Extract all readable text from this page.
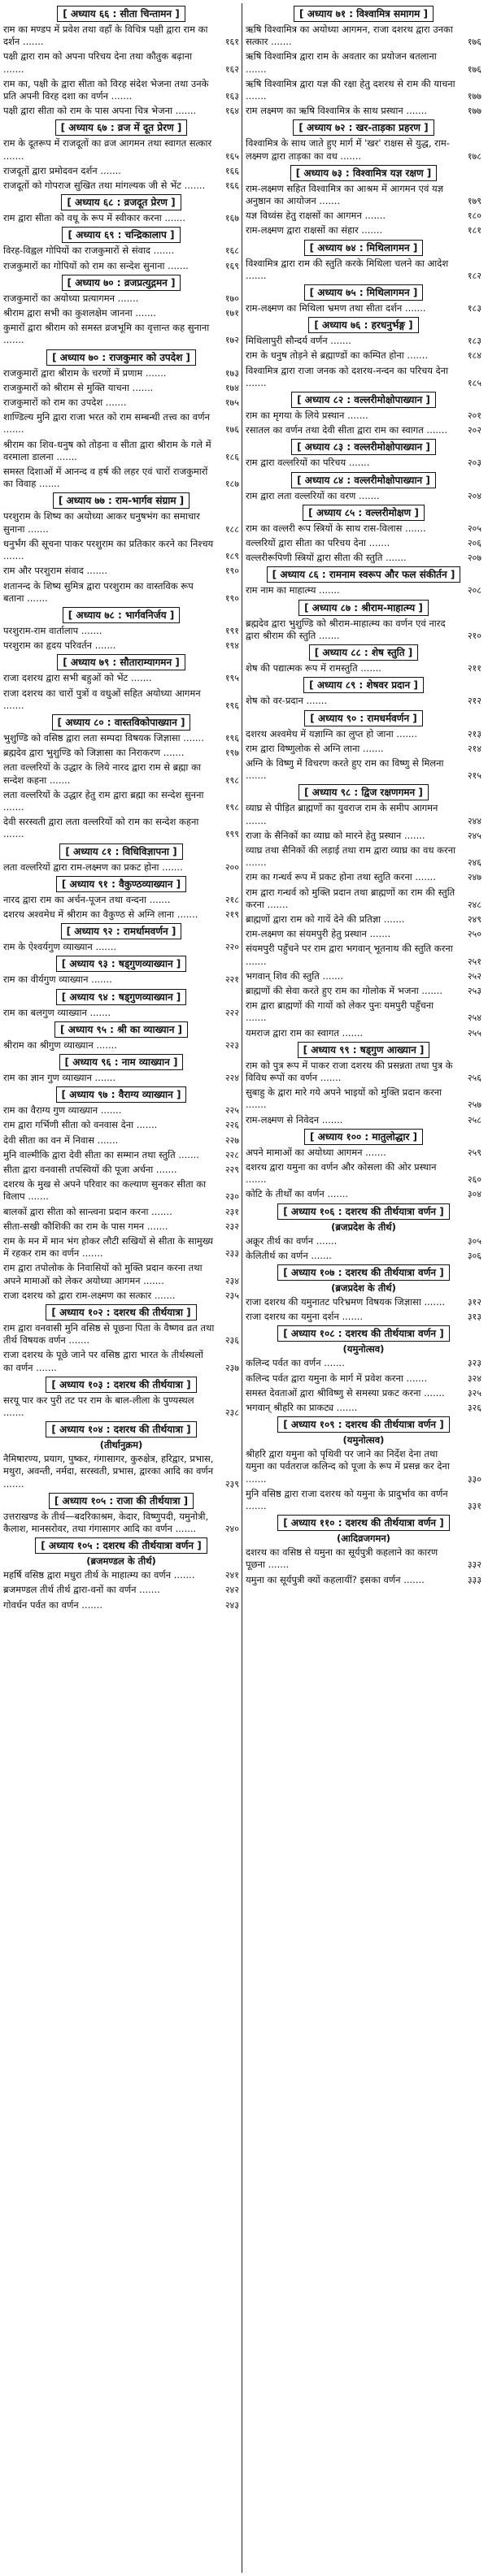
[ अध्याय ६६ : सीता चिन्तामन ]
राम का मण्डप में प्रवेश तथा वहाँ के विचित्र पक्षी द्वारा राम का दर्शन .......	१६१
पक्षी द्वारा राम को अपना परिचय देना तथा कौतुक बढ़ाना .......	१६२
राम का, पक्षी के द्वारा सीता को विरह संदेश भेजना तथा उनके प्रति अपनी विरह दशा का वर्णन .......	१६३
पक्षी द्वारा सीता को राम के पास अपना चित्र भेजना .......	१६४
[ अध्याय ६७ : व्रज में दूत प्रेरण ]
राम के दूतरूप में राजदूतों का व्रज आगमन तथा स्वागत सत्कार .......	१६५
राजदूतों द्वारा प्रमोदवन दर्शन .......	१६६
राजदूतों को गोपराज सुखित तथा मांगल्यक जी से भेंट ....... १६६
[ अध्याय ६८ : व्रजदूत प्रेरण ]
राम द्वारा सीता को वधू के रूप में स्वीकार करना .......	१६७
[ अध्याय ६९ : चन्द्रिकालाप ]
विरह-विह्वल गोपियों का राजकुमारों से संवाद .......	१६८
राजकुमारों का गोपियों को राम का सन्देश सुनाना .......	१६९
[ अध्याय ७० : व्रजप्रत्युद्गमन ]
राजकुमारों का अयोध्या प्रत्यागमन .......	१७०
श्रीराम द्वारा सभी का कुशलक्षेम जानना .......	१७१
कुमारों द्वारा श्रीराम को समस्त व्रजभूमि का वृत्तान्त कह सुनाना .......	१७२
[ अध्याय ७० : राजकुमार को उपदेश ]
राजकुमारों द्वारा श्रीराम के चरणों में प्रणाम .......	१७३
राजकुमारों को श्रीराम से मुक्ति याचना .......	१७४
राजकुमारों को राम का उपदेश .......	१७५
शाण्डिल्य मुनि द्वारा राजा भरत को राम सम्बन्धी तत्त्व का वर्णन .......	१७६
श्रीराम का शिव-धनुष को तोड़ना व सीता द्वारा श्रीराम के गले में वरमाला डालना .......	१८६
समस्त दिशाओं में आनन्द व हर्ष की लहर एवं चारों राजकुमारों का विवाह .......	१८७
[ अध्याय ७७ : राम-भार्गव संग्राम ]
परशुराम के शिष्य का अयोध्या आकर धनुषभंग का समाचार सुनाना .......	१८८
धनुर्भंग की सूचना पाकर परशुराम का प्रतिकार करने का निश्चय .......	१८९
राम और परशुराम संवाद .......	१९०
शतानन्द के शिष्य सुमित्र द्वारा परशुराम का वास्तविक रूप बताना .......	१९०
[ अध्याय ७८ : भार्गवनिर्जय ]
परशुराम-राम वार्तालाप .......	१९१
परशुराम का हृदय परिवर्तन .......	१९४
[ अध्याय ७९ : सौताराम्यागमन ]
राजा दशरथ द्वारा सभी बहुओं को भेंट .......	१९५
राजा दशरथ का चारों पुत्रों व वधुओं सहित अयोध्या आगमन .......	१९६
[ अध्याय ८० : वास्तविकोपाख्यान ]
भुशुण्डि को वसिष्ठ द्वारा लता सम्पदा विषयक जिज्ञासा ....... १९६
ब्रह्मदेव द्वारा भुशुण्डि को जिज्ञासा का निराकरण .......	१९७
लता वल्लरियों के उद्धार के लिये नारद द्वारा राम से ब्रह्मा का सन्देश कहना .......	१९८
लता वल्लरियों के उद्धार हेतु राम द्वारा ब्रह्मा का सन्देश सुनना .......	१९८
देवी सरस्वती द्वारा लता वल्लरियों को राम का सन्देश कहना .......	१९९
[ अध्याय ८१ : विधिविज्ञापना ]
लता वल्लरियों द्वारा राम-लक्ष्मण का प्रकट होना .......	२००
[ अध्याय ९१ : वैकुण्ठव्याख्यान ]
नारद द्वारा राम का अर्चन-पूजन तथा वन्दना .......	२१८
दशरथ अश्वमेध में श्रीराम का वैकुण्ठ से अग्नि लाना .......	२१९
[ अध्याय ९२ : रामर्धामवर्णन ]
राम के ऐश्वर्यगुण व्याख्यान .......	२२०
[ अध्याय ९३ : षड्गुणव्याख्यान ]
राम का वीर्यगुण व्याख्यान .......	२२१
[ अध्याय ९४ : षड्गुणव्याख्यान ]
राम का बलगुण व्याख्यान .......	२२२
[ अध्याय ९५ : श्री का व्याख्यान ]
श्रीराम का श्रीगुण व्याख्यान .......	२२३
[ अध्याय ९६ : नाम व्याख्यान ]
राम का ज्ञान गुण व्याख्यान .......	२२४
[ अध्याय ९७ : वैराग्य व्याख्यान ]
राम का वैराग्य गुण व्याख्यान .......	२२५
राम द्वारा गर्भिणी सीता को वनवास देना .......	२२६
देवी सीता का वन में निवास .......	२२७
मुनि वाल्मीकि द्वारा देवी सीता का सम्मान तथा स्तुति .......	२२८
सीता द्वारा वनवासी तपस्वियों की पूजा अर्चना .......	२२९
दशरथ के मुख से अपने परिवार का कल्याण सुनकर सीता का विलाप .......	२३०
बालकों द्वारा सीता को सान्त्वना प्रदान करना .......	२३१
सीता-सखी कौशिकी का राम के पास गमन .......	२३२
राम के मन में मान भंग होकर लौटी सखियों से सीता के सामुख्य में रहकर राम का वर्णन .......	२३३
राम द्वारा तपोलोक के निवासियों को मुक्ति प्रदान करना तथा अपने मामाओं को लेकर अयोध्या आगमन .......	२३४
राजा दशरथ को द्वारा राम-लक्ष्मण का सत्कार .......	२३५
[ अध्याय १०२ : दशरथ की तीर्थयात्रा ]
राम द्वारा वनवासी मुनि वसिष्ठ से पूछना पिता के वैष्णव व्रत तथा तीर्थ विषयक वर्णन .......	२३६
राजा दशरथ के पूछे जाने पर वसिष्ठ द्वारा भारत के तीर्थस्थलों का वर्णन .......	२३७
[ अध्याय १०३ : दशरथ की तीर्थयात्रा ]
सरयू पार कर पुरी तट पर राम के बाल-लीला के पुण्यस्थल .......	२३८
[ अध्याय १०४ : दशरथ की तीर्थयात्रा ]
(तीर्थानुक्रम)
नैमिषारण्य, प्रयाग, पुष्कर, गंगासागर, कुरुक्षेत्र, हरिद्वार, प्रभास, मथुरा, अवन्ती, नर्मदा, सरस्वती, प्रभास, द्वारका आदि का वर्णन .......	२३९
[ अध्याय १०५ : राजा की तीर्थयात्रा ]
उत्तराखण्ड के तीर्थ—बदरिकाश्रम, केदार, विष्णुपदी, यमुनोत्री, कैलाश, मानसरोवर, तथा गंगासागर आदि का वर्णन .......	२४०
[ अध्याय १०५ : दशरथ की तीर्थयात्रा वर्णन ]
(ब्रजमण्डल के तीर्थ)
महर्षि वसिष्ठ द्वारा मधुरा तीर्थ के माहात्म्य का वर्णन .......	२४१
ब्रजमण्डल तीर्थ तीर्थ द्वारा-वनों का वर्णन .......	२४२
गोवर्धन पर्वत का वर्णन .......	२४३
[ अध्याय ७१ : विश्वामित्र समागम ]
ऋषि विश्वामित्र का अयोध्या आगमन, राजा दशरथ द्वारा उनका सत्कार .......	१७६
ऋषि विश्वामित्र द्वारा राम के अवतार का प्रयोजन बतलाना .......	१७६
ऋषि विश्वामित्र द्वारा यज्ञ की रक्षा हेतु दशरथ से राम की याचना .......	१७७
राम लक्ष्मण का ऋषि विश्वामित्र के साथ प्रस्थान .......	१७७
[ अध्याय ७२ : खर-ताड़का प्रहरण ]
विश्वामित्र के साथ जाते हुए मार्ग में 'खर' राक्षस से युद्ध, राम-लक्ष्मण द्वारा ताड़का का वध .......	१७८
[ अध्याय ७३ : विश्वामित्र यज्ञ रक्षण ]
राम-लक्ष्मण सहित विश्वामित्र का आश्रम में आगमन एवं यज्ञ अनुष्ठान का आयोजन .......	१७९
यज्ञ विध्वंस हेतु राक्षसों का आगमन .......	१८०
राम-लक्ष्मण द्वारा राक्षसों का संहार .......	१८१
[ अध्याय ७४ : मिथिलागमन ]
विश्वामित्र द्वारा राम की स्तुति करके मिथिला चलने का आदेश .......	१८२
[ अध्याय ७५ : मिथिलागमन ]
राम-लक्ष्मण का मिथिला भ्रमण तथा सीता दर्शन .......	१८३
[ अध्याय ७६ : हरधनुर्भङ्ग ]
मिथिलापुरी सौन्दर्य वर्णन .......	१८३
राम के धनुष तोड़ने से ब्रह्माण्डों का कम्पित होना .......	१८४
विश्वामित्र द्वारा राजा जनक को दशरथ-नन्दन का परिचय देना .......	१८५
[ अध्याय ८२ : वल्लरीमोक्षोपाख्यान ]
राम का मृगया के लिये प्रस्थान .......	२०१
रसातल का वर्णन तथा देवी सीता द्वारा राम का स्वागत ....... २०२
[ अध्याय ८३ : वल्लरीमोक्षोपाख्यान ]
राम द्वारा वल्लरियों का परिचय .......	२०३
[ अध्याय ८४ : वल्लरीमोक्षोपाख्यान ]
राम द्वारा लता वल्लरियों का वरण .......	२०४
[ अध्याय ८५ : वल्लरीमोक्षण ]
राम का वल्लरी रूप स्त्रियों के साथ रास-विलास .......	२०५
वल्लरियों द्वारा सीता का परिचय देना .......	२०६
वल्लरीरूपिणी स्त्रियों द्वारा सीता की स्तुति .......	२०७
[ अध्याय ८६ : रामनाम स्वरूप और फल संकीर्तन ]
राम नाम का माहात्म्य .......	२०८
[ अध्याय ८७ : श्रीराम-माहात्म्य ]
ब्रह्मदेव द्वारा भुशुण्डि को श्रीराम-माहात्म्य का वर्णन एवं नारद द्वारा श्रीराम की स्तुति .......	२१०
[ अध्याय ८८ : शेष स्तुति ]
शेष की पद्यात्मक रूप में रामस्तुति .......	२११
[ अध्याय ८९ : शेषवर प्रदान ]
शेष को वर-प्रदान .......	२१२
[ अध्याय ९० : रामधर्मवर्णन ]
दशरथ अश्वमेध में यज्ञाग्नि का लुप्त हो जाना .......	२१३
राम द्वारा विष्णुलोक से अग्नि लाना .......	२१४
अग्नि के विष्णु में विचरण करते हुए राम का विष्णु से मिलना .......	२१५
[ अध्याय ९८ : द्विज रक्षणगमन ]
व्याघ्र से पीड़ित ब्राह्मणों का युवराज राम के समीप आगमन .......	२४४
राजा के सैनिकों का व्याघ्र को मारने हेतु प्रस्थान .......	२४५
व्याघ्र तथा सैनिकों की लड़ाई तथा राम द्वारा व्याघ्र का वध करना .......	२४६
राम का गन्धर्व रूप में प्रकट होना तथा स्तुति करना .......	२४७
राम द्वारा गन्धर्व को मुक्ति प्रदान तथा ब्राह्मणों का राम की स्तुति करना .......	२४८
ब्राह्मणों द्वारा राम को गायें देने की प्रतिज्ञा .......	२४९
राम-लक्ष्मण का संयमपुरी हेतु प्रस्थान .......	२५०
संयमपुरी पहुँचने पर राम द्वारा भगवान् भूतनाथ की स्तुति करना .......	२५१
भगवान् शिव की स्तुति .......	२५२
ब्राह्मणों की सेवा करते हुए राम का गोलोक में भजना .......	२५३
राम द्वारा ब्राह्मणों की गायों को लेकर पुनः यमपुरी पहुँचना .......	२५४
यमराज द्वारा राम का स्वागत .......	२५५
[ अध्याय ९९ : षड्गुण आख्यान ]
राम को पुत्र रूप में पाकर राजा दशरथ की प्रसन्नता तथा पुत्र के विविध रूपों का वर्णन .......	२५६
सुबाहु के द्वारा मारे गये अपने भाइयों को मुक्ति प्रदान करना .......	२५७
राम-लक्ष्मण से निवेदन .......	२५८
[ अध्याय १०० : मातुलोद्धार ]
अपने मामाओं का अयोध्या आगमन .......	२५९
दशरथ द्वारा यमुना का वर्णन और कोसला की ओर प्रस्थान .......	२६०
कोटि के तीर्थों का वर्णन .......	३०४
[ अध्याय १०६ : दशरथ की तीर्थयात्रा वर्णन ]
(ब्रजप्रदेश के तीर्थ)
अक्रूर तीर्थ का वर्णन .......	३०५
केलितीर्थ का वर्णन .......	३०६
[ अध्याय १०७ : दशरथ की तीर्थयात्रा वर्णन ]
(ब्रजप्रदेश के तीर्थ)
राजा दशरथ की यमुनातट परिभ्रमण विषयक जिज्ञासा .......	३१२
राजा दशरथ का यमुना दर्शन .......	३१३
[ अध्याय १०८ : दशरथ की तीर्थयात्रा वर्णन ]
(यमुनोत्सव)
कलिन्द पर्वत का वर्णन .......	३२३
कलिन्द पर्वत द्वारा यमुना के मार्ग में प्रवेश करना .......	३२४
समस्त देवताओं द्वारा श्रीविष्णु से समस्या प्रकट करना .......	३२५
भगवान् श्रीहरि का प्राकट्य .......	३२६
[ अध्याय १०९ : दशरथ की तीर्थयात्रा वर्णन ]
(यमुनोत्सव)
श्रीहरि द्वारा यमुना को पृथिवी पर जाने का निर्देश देना तथा यमुना का पर्वतराज कलिन्द को पूजा के रूप में प्रसन्न कर देना .......	३३०
मुनि वसिष्ठ द्वारा राजा दशरथ को यमुना के प्रादुर्भाव का वर्णन .......	३३१
[ अध्याय ११० : दशरथ की तीर्थयात्रा वर्णन ]
(आदिव्रजगमन)
दशरथ का वसिष्ठ से यमुना का सूर्यपुत्री कहलाने का कारण पूछना .......	३३२
यमुना का सूर्यपुत्री क्यों कहलायीं? इसका वर्णन .......	३३३
